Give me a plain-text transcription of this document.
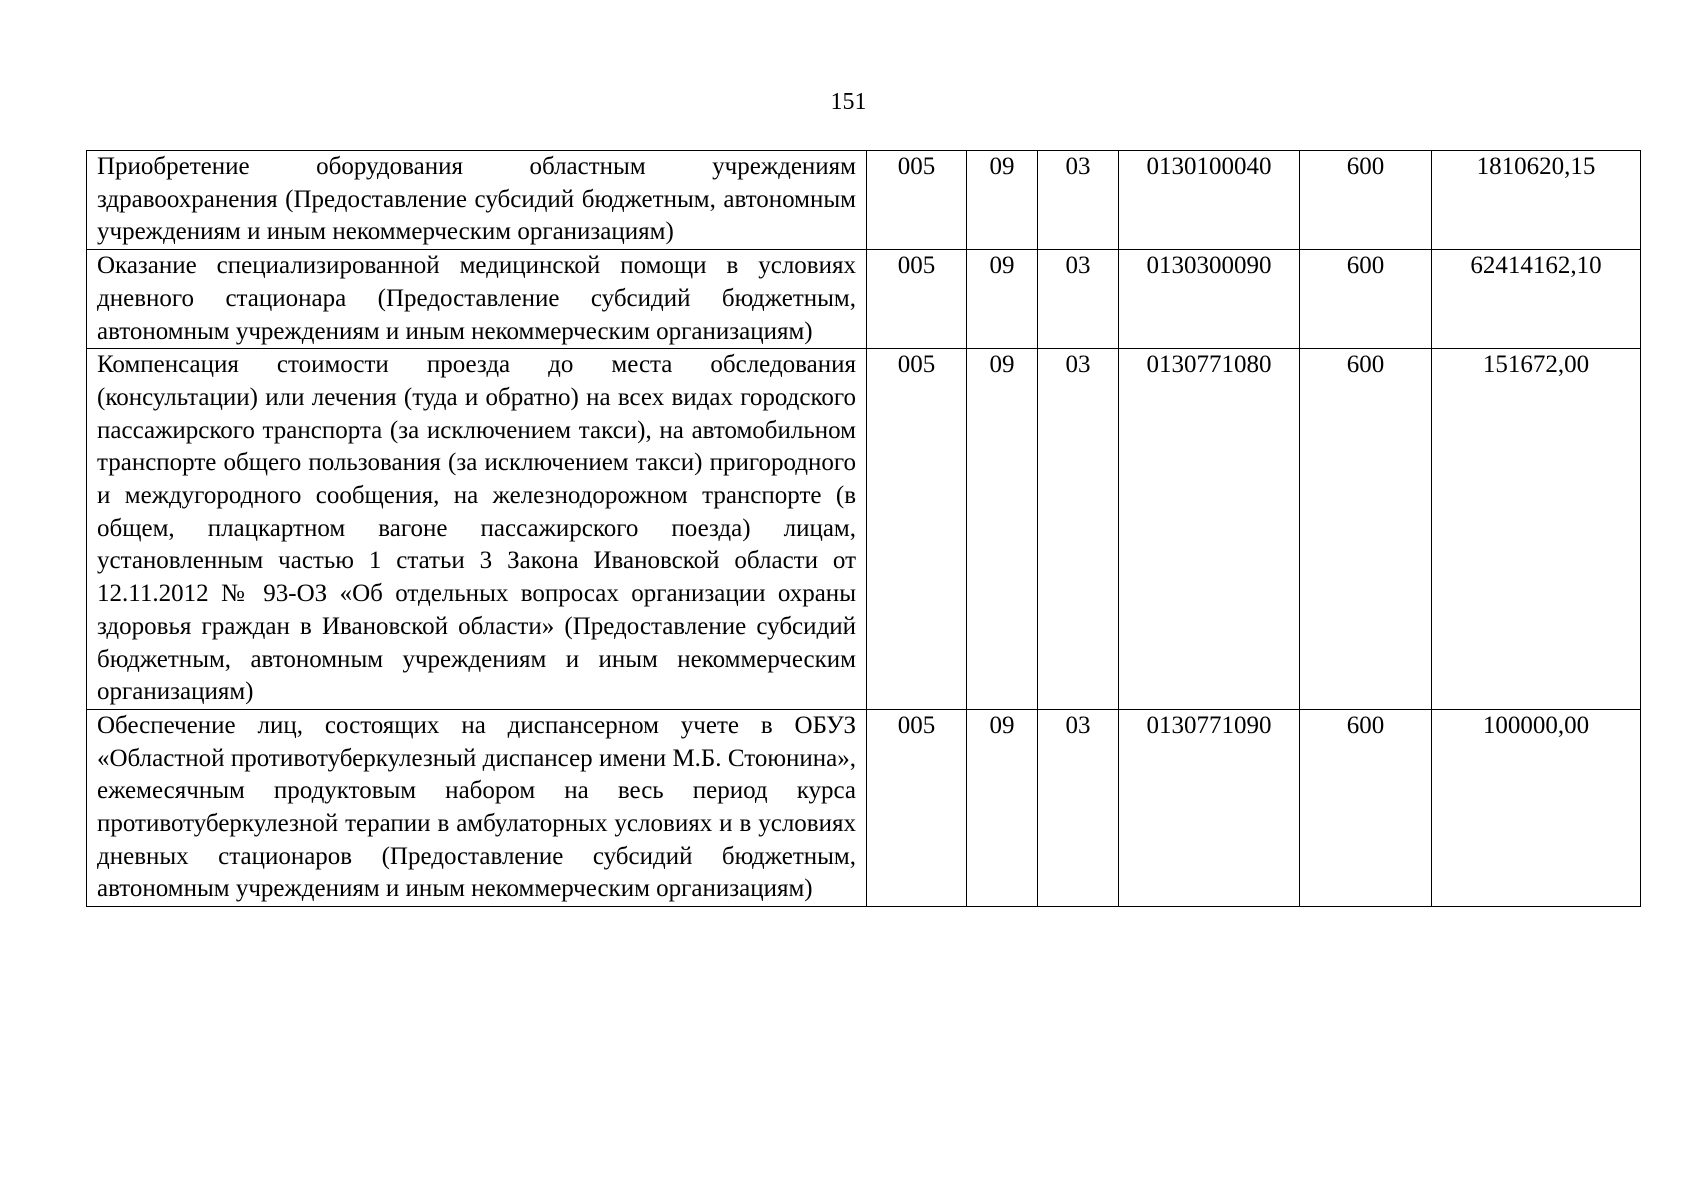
151
Приобретение оборудования областным учреждениям здравоохранения (Предоставление субсидий бюджетным, автономным учреждениям и иным некоммерческим организациям)	005	09	03	0130100040	600	1810620,15
Оказание специализированной медицинской помощи в условиях дневного стационара (Предоставление субсидий бюджетным, автономным учреждениям и иным некоммерческим организациям)	005	09	03	0130300090	600	62414162,10
Компенсация стоимости проезда до места обследования (консультации) или лечения (туда и обратно) на всех видах городского пассажирского транспорта (за исключением такси), на автомобильном транспорте общего пользования (за исключением такси) пригородного и междугородного сообщения, на железнодорожном транспорте (в общем, плацкартном вагоне пассажирского поезда) лицам, установленным частью 1 статьи 3 Закона Ивановской области от 12.11.2012 № 93-ОЗ «Об отдельных вопросах организации охраны здоровья граждан в Ивановской области» (Предоставление субсидий бюджетным, автономным учреждениям и иным некоммерческим организациям)	005	09	03	0130771080	600	151672,00
Обеспечение лиц, состоящих на диспансерном учете в ОБУЗ «Областной противотуберкулезный диспансер имени М.Б. Стоюнина», ежемесячным продуктовым набором на весь период курса противотуберкулезной терапии в амбулаторных условиях и в условиях дневных стационаров (Предоставление субсидий бюджетным, автономным учреждениям и иным некоммерческим организациям)	005	09	03	0130771090	600	100000,00
